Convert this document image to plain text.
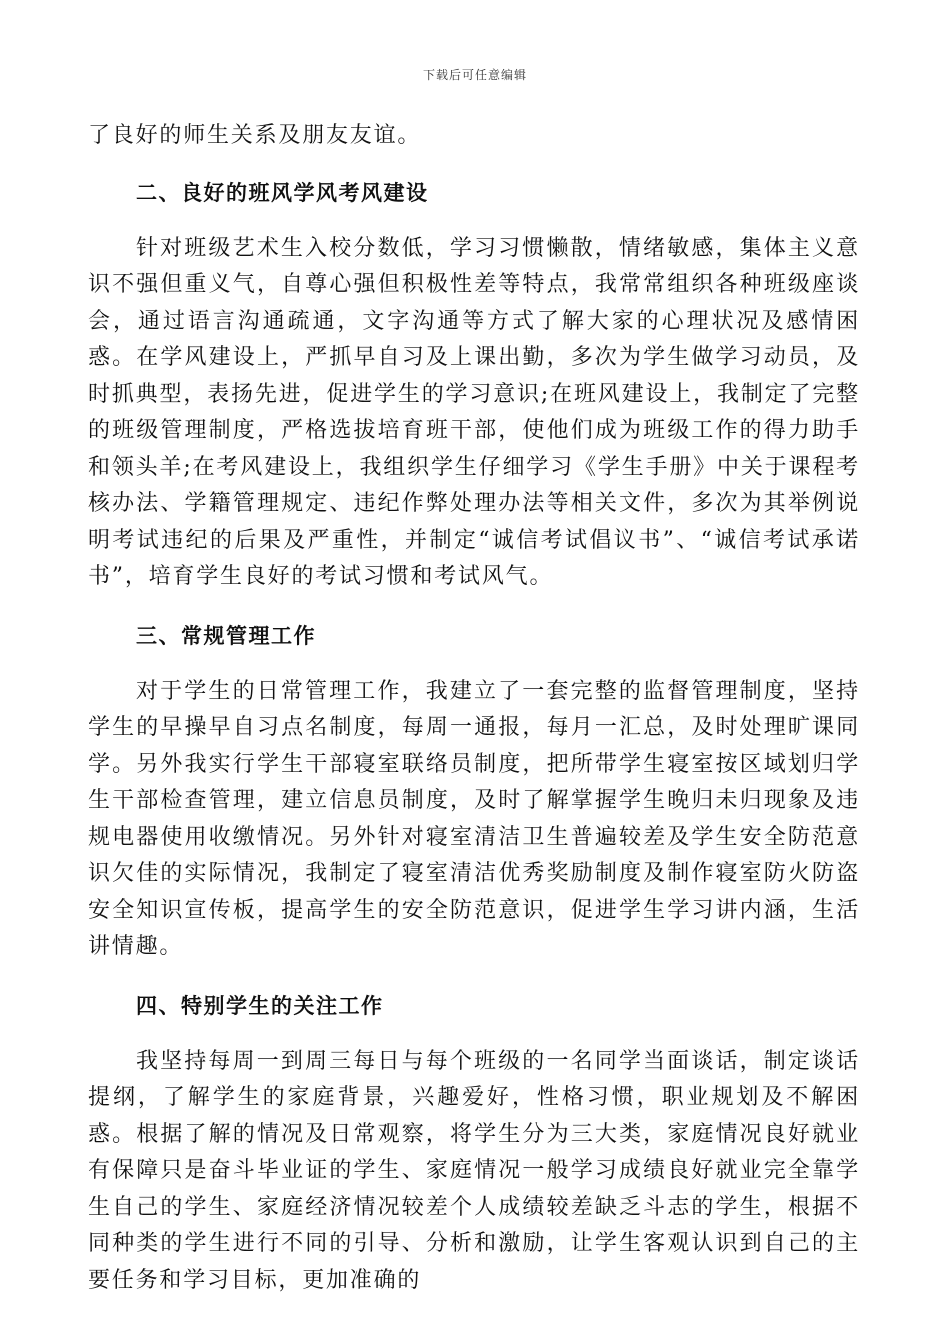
下载后可任意编辑

了良好的师生关系及朋友友谊。

二、良好的班风学风考风建设

针对班级艺术生入校分数低，学习习惯懒散，情绪敏感，集体主义意识不强但重义气，自尊心强但积极性差等特点，我常常组织各种班级座谈会，通过语言沟通疏通，文字沟通等方式了解大家的心理状况及感情困惑。在学风建设上，严抓早自习及上课出勤，多次为学生做学习动员，及时抓典型，表扬先进，促进学生的学习意识;在班风建设上，我制定了完整的班级管理制度，严格选拔培育班干部，使他们成为班级工作的得力助手和领头羊;在考风建设上，我组织学生仔细学习《学生手册》中关于课程考核办法、学籍管理规定、违纪作弊处理办法等相关文件，多次为其举例说明考试违纪的后果及严重性，并制定“诚信考试倡议书”、“诚信考试承诺书”，培育学生良好的考试习惯和考试风气。

三、常规管理工作

对于学生的日常管理工作，我建立了一套完整的监督管理制度，坚持学生的早操早自习点名制度，每周一通报，每月一汇总，及时处理旷课同学。另外我实行学生干部寝室联络员制度，把所带学生寝室按区域划归学生干部检查管理，建立信息员制度，及时了解掌握学生晚归未归现象及违规电器使用收缴情况。另外针对寝室清洁卫生普遍较差及学生安全防范意识欠佳的实际情况，我制定了寝室清洁优秀奖励制度及制作寝室防火防盗安全知识宣传板，提高学生的安全防范意识，促进学生学习讲内涵，生活讲情趣。

四、特别学生的关注工作

我坚持每周一到周三每日与每个班级的一名同学当面谈话，制定谈话提纲，了解学生的家庭背景，兴趣爱好，性格习惯，职业规划及不解困惑。根据了解的情况及日常观察，将学生分为三大类，家庭情况良好就业有保障只是奋斗毕业证的学生、家庭情况一般学习成绩良好就业完全靠学生自己的学生、家庭经济情况较差个人成绩较差缺乏斗志的学生，根据不同种类的学生进行不同的引导、分析和激励，让学生客观认识到自己的主要任务和学习目标，更加准确的
